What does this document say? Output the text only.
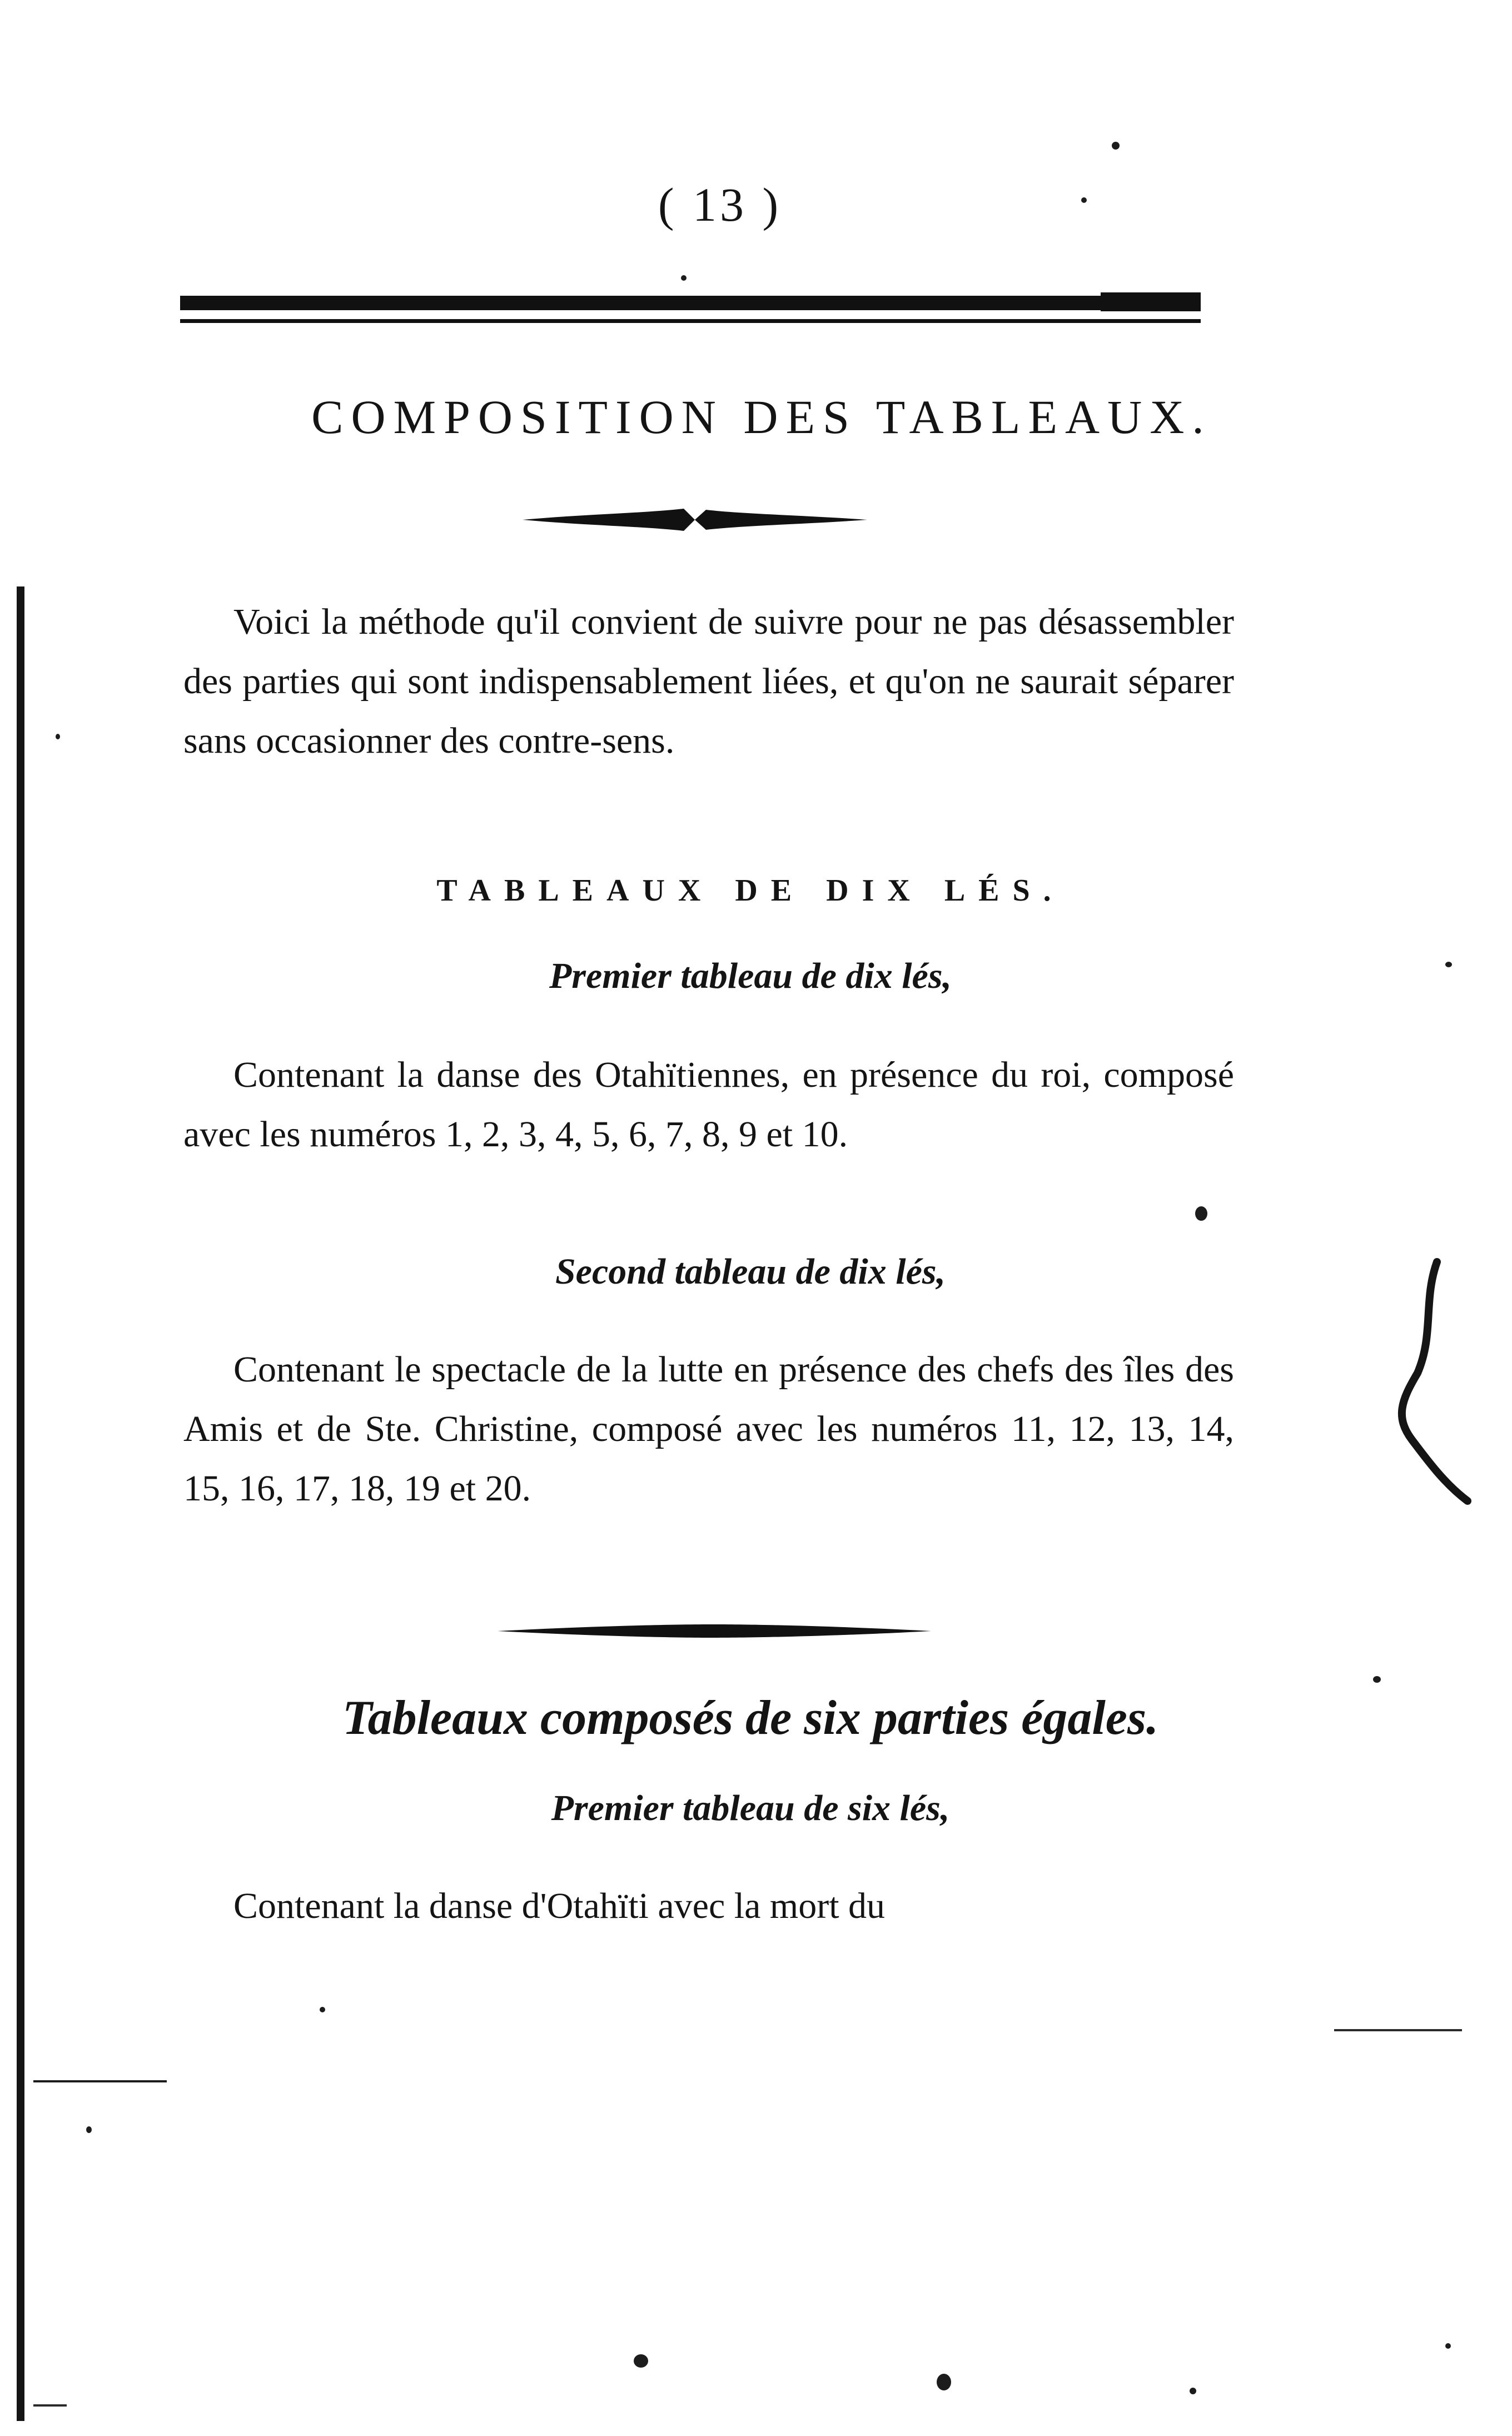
( 13 )
COMPOSITION DES TABLEAUX.
Voici la méthode qu'il convient de suivre pour ne pas désassembler des parties qui sont indispensablement liées, et qu'on ne saurait séparer sans occasionner des contre-sens.
TABLEAUX DE DIX LÉS.
Premier tableau de dix lés,
Contenant la danse des Otahïtiennes, en présence du roi, composé avec les numéros 1, 2, 3, 4, 5, 6, 7, 8, 9 et 10.
Second tableau de dix lés,
Contenant le spectacle de la lutte en présence des chefs des îles des Amis et de Ste. Christine, composé avec les numéros 11, 12, 13, 14, 15, 16, 17, 18, 19 et 20.
Tableaux composés de six parties égales.
Premier tableau de six lés,
Contenant la danse d'Otahïti avec la mort du
